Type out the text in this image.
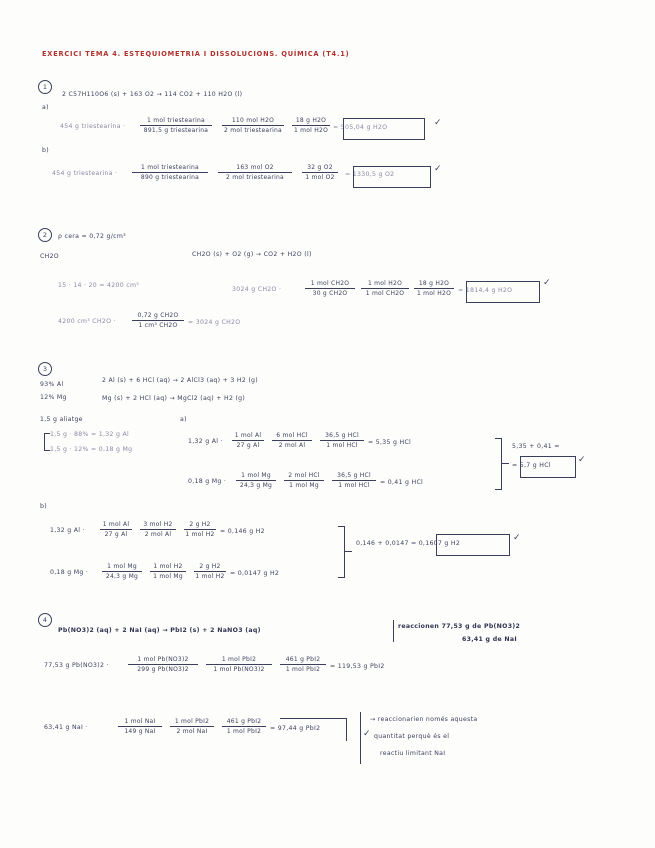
EXERCICI TEMA 4. ESTEQUIOMETRIA I DISSOLUCIONS. QUÍMICA (T4.1)
1
2 C57H110O6 (s) + 163 O2 → 114 CO2 + 110 H2O (l)
a)
454 g triestearina ·
1 mol triestearina
891,5 g triestearina
110 mol H2O
2 mol triestearina
18 g H2O
1 mol H2O = 505,04 g H2O	✓
b)
454 g triestearina ·
1 mol triestearina
890 g triestearina
163 mol O2
2 mol triestearina
32 g O2
1 mol O2	= 1330,5 g O2
✓
2	ρ cera = 0,72 g/cm³
CH2O	CH2O (s) + O2 (g) → CO2 + H2O (l)
15 · 14 · 20 = 4200 cm³
3024 g CH2O ·
1 mol CH2O
30 g CH2O
1 mol H2O
1 mol CH2O
18 g H2O
1 mol H2O	= 1814,4 g H2O
✓
4200 cm³ CH2O ·	$\frac{\text{0,72 g CH2O}}{\text{1 cm³ CH2O}} = 3024$ g CH2O
3
93% Al
12% Mg
2 Al (s) + 6 HCl (aq) → 2 AlCl3 (aq) + 3 H2 (g)
Mg (s) + 2 HCl (aq) → MgCl2 (aq) + H2 (g)
1,5 g aliatge	a)
1,5 g · 88% = 1,32 g Al
1,5 g · 12% = 0,18 g Mg
1,32 g Al ·
1 mol Al
27 g Al
6 mol HCl
2 mol Al
36,5 g HCl
1 mol HCl	= 5,35 g HCl
0,18 g Mg ·
1 mol Mg
24,3 g Mg
2 mol HCl
1 mol Mg
36,5 g HCl
1 mol HCl	= 0,41 g HCl
5,35 + 0,41 =
= 5,7 g HCl
✓
b)
1,32 g Al ·
1 mol Al
27 g Al
3 mol H2
2 mol Al
2 g H2
1 mol H2 = 0,146 g H2
0,18 g Mg ·
1 mol Mg
24,3 g Mg
1 mol H2
1 mol Mg
2 g H2
1 mol H2 = 0,0147 g H2
0,146 + 0,0147 = 0,1607 g H2
✓
4
Pb(NO3)2 (aq) + 2 NaI (aq) → PbI2 (s) + 2 NaNO3 (aq)
reaccionen 77,53 g de Pb(NO3)2
63,41 g de NaI
77,53 g Pb(NO3)2 ·
1 mol Pb(NO3)2
299 g Pb(NO3)2
1 mol PbI2
1 mol Pb(NO3)2
461 g PbI2
1 mol PbI2	= 119,53 g PbI2
63,41 g NaI ·
1 mol NaI
149 g NaI
1 mol PbI2
2 mol NaI
461 g PbI2
1 mol PbI2	= 97,44 g PbI2
✓
→ reaccionarien només aquesta
quantitat perquè és el
reactiu limitant NaI
